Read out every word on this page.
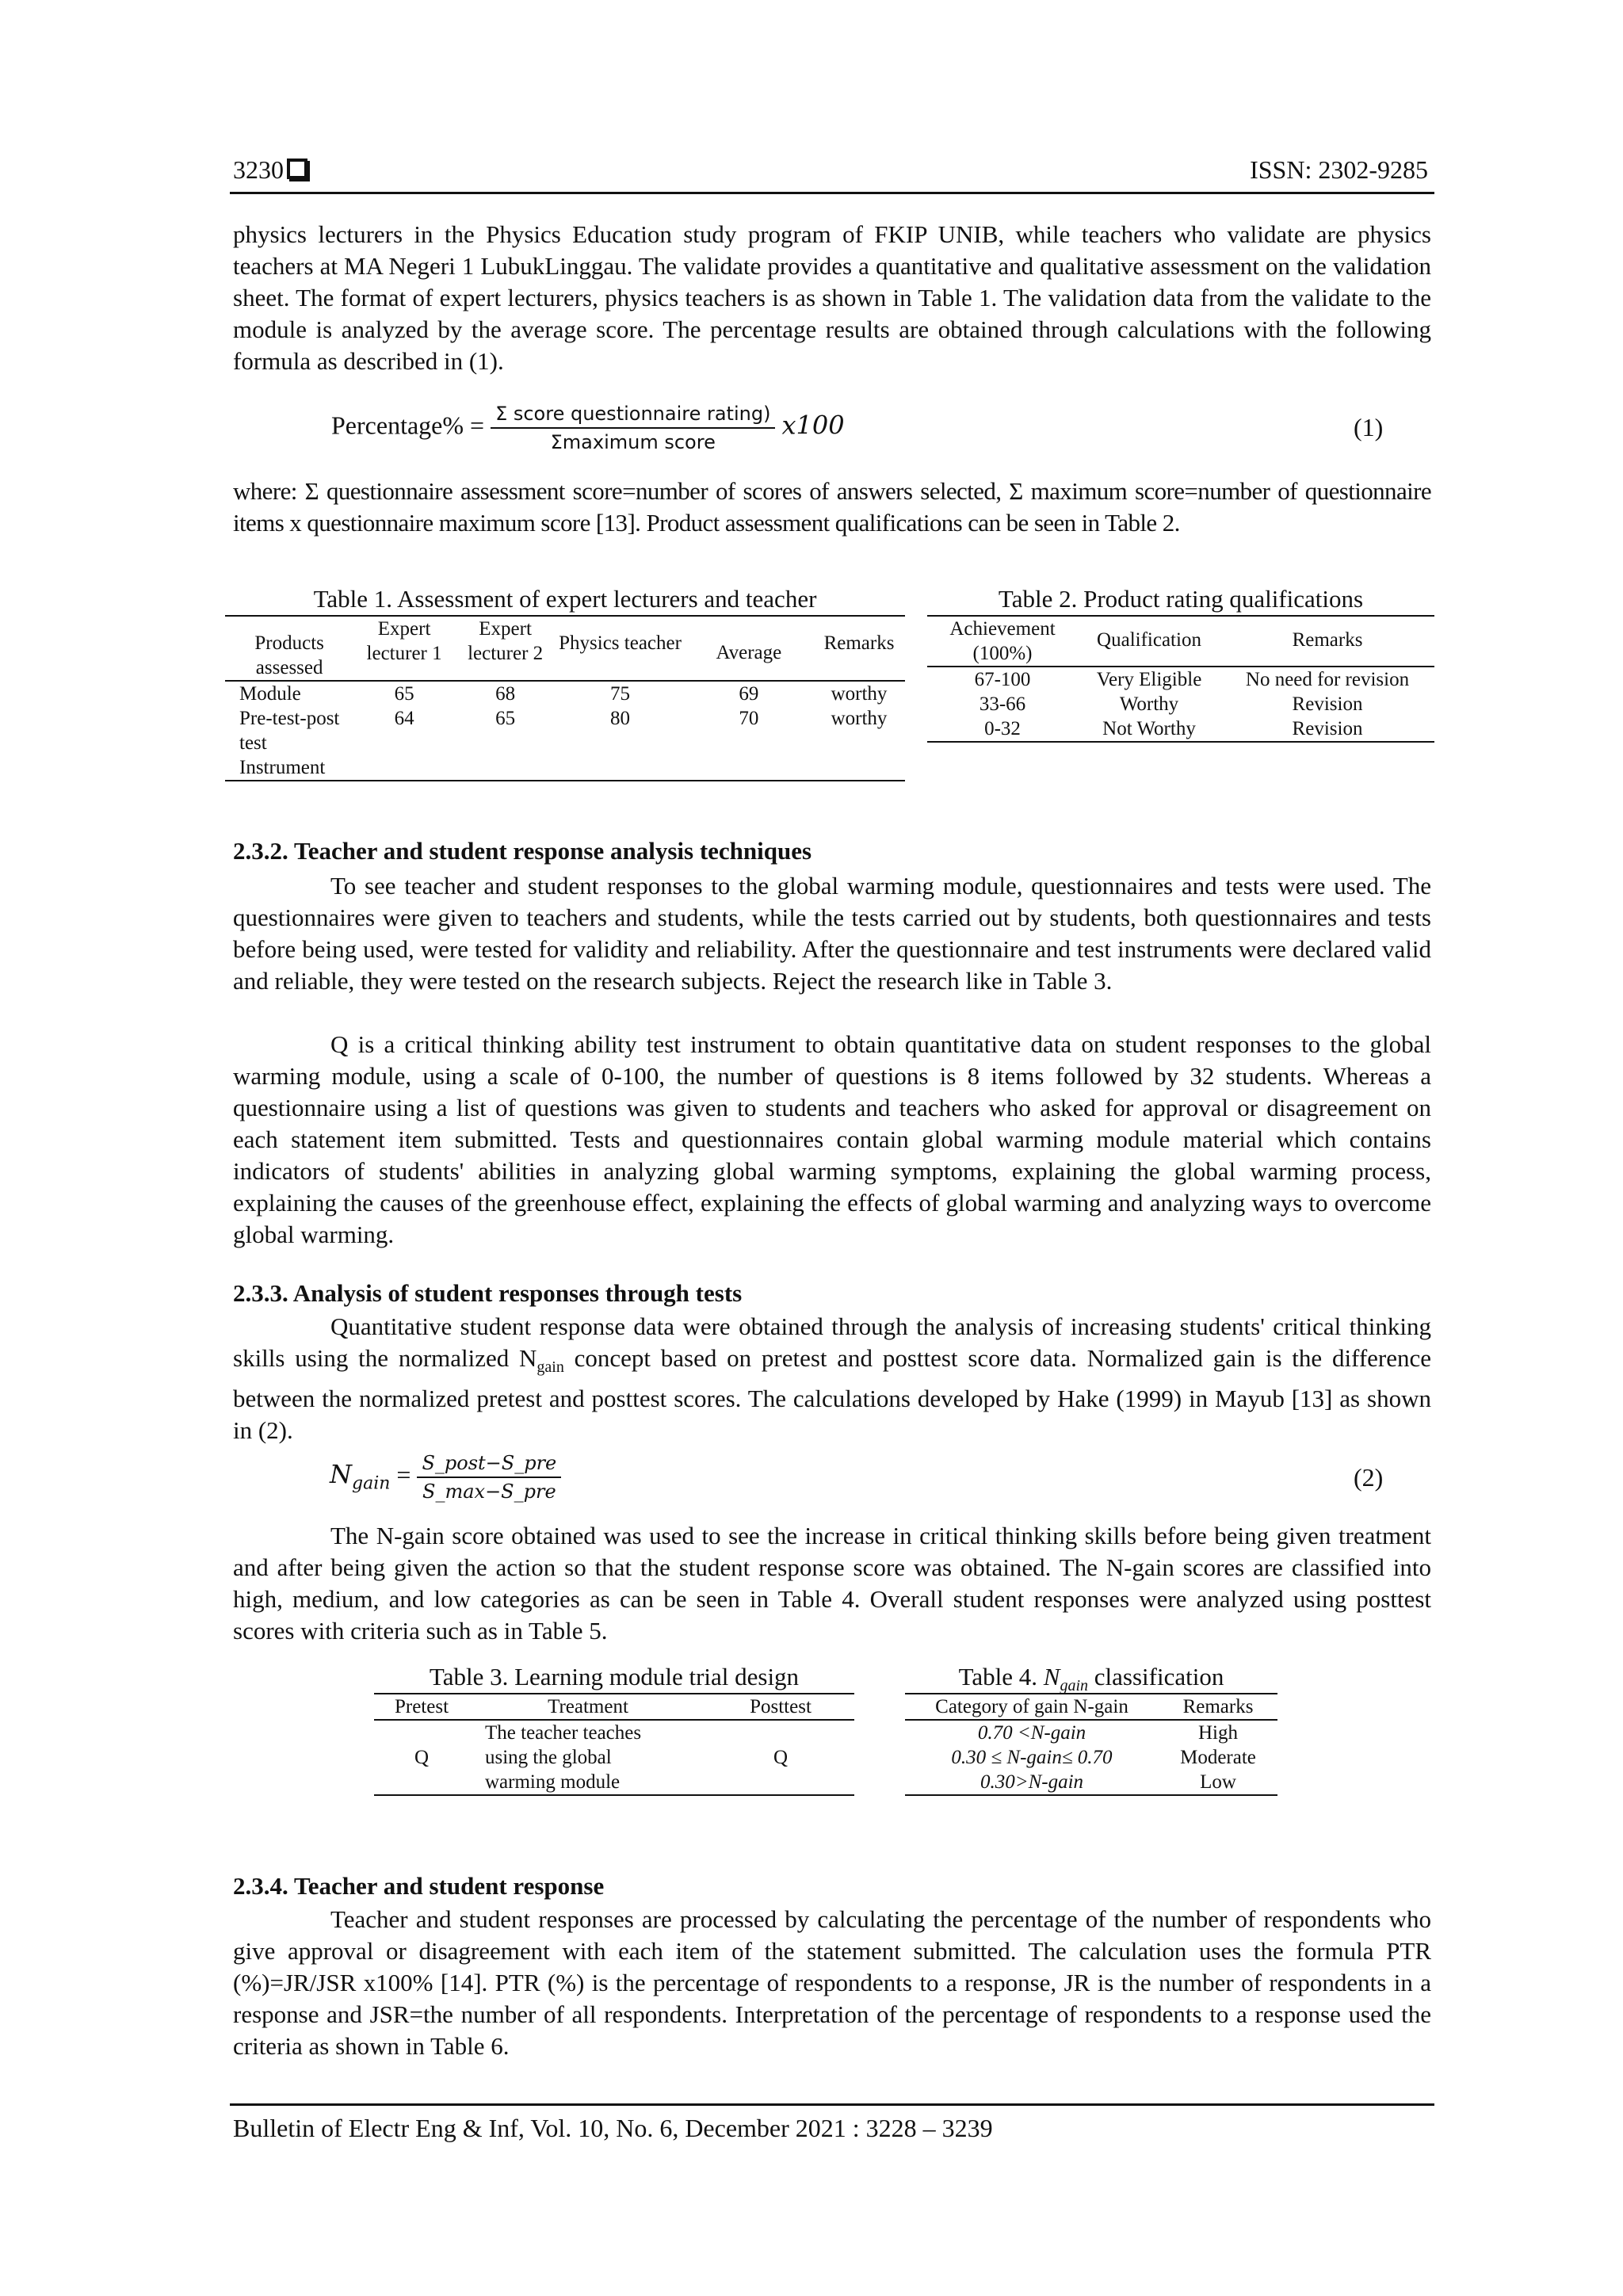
3230	ISSN: 2302-9285

physics lecturers in the Physics Education study program of FKIP UNIB, while teachers who validate are physics teachers at MA Negeri 1 LubukLinggau. The validate provides a quantitative and qualitative assessment on the validation sheet. The format of expert lecturers, physics teachers is as shown in Table 1. The validation data from the validate to the module is analyzed by the average score. The percentage results are obtained through calculations with the following formula as described in (1).

Percentage% = $\frac{\text{Σ score questionnaire rating)}}{\text{Σmaximum score}} x100$	(1)

where: Σ questionnaire assessment score=number of scores of answers selected, Σ maximum score=number of questionnaire items x questionnaire maximum score [13]. Product assessment qualifications can be seen in Table 2.

Table 1. Assessment of expert lecturers and teacher
Products assessed	Expert lecturer 1	Expert lecturer 2	Physics teacher	Average	Remarks
Module	65	68	75	69	worthy
Pre-test-post test Instrument	64	65	80	70	worthy
Table 2. Product rating qualifications
Achievement (100%)	Qualification	Remarks
67-100	Very Eligible	No need for revision
33-66	Worthy	Revision
0-32	Not Worthy	Revision
2.3.2. Teacher and student response analysis techniques

To see teacher and student responses to the global warming module, questionnaires and tests were used. The questionnaires were given to teachers and students, while the tests carried out by students, both questionnaires and tests before being used, were tested for validity and reliability. After the questionnaire and test instruments were declared valid and reliable, they were tested on the research subjects. Reject the research like in Table 3.

Q is a critical thinking ability test instrument to obtain quantitative data on student responses to the global warming module, using a scale of 0-100, the number of questions is 8 items followed by 32 students. Whereas a questionnaire using a list of questions was given to students and teachers who asked for approval or disagreement on each statement item submitted. Tests and questionnaires contain global warming module material which contains indicators of students' abilities in analyzing global warming symptoms, explaining the global warming process, explaining the causes of the greenhouse effect, explaining the effects of global warming and analyzing ways to overcome global warming.

2.3.3. Analysis of student responses through tests

Quantitative student response data were obtained through the analysis of increasing students' critical thinking skills using the normalized $N_{gain}$ concept based on pretest and posttest score data. Normalized gain is the difference between the normalized pretest and posttest scores. The calculations developed by Hake (1999) in Mayub [13] as shown in (2).

$N_{gain} = \frac{\text{S\_post−S\_pre}}{\text{S\_max−S\_pre}}$	(2)

The N-gain score obtained was used to see the increase in critical thinking skills before being given treatment and after being given the action so that the student response score was obtained. The N-gain scores are classified into high, medium, and low categories as can be seen in Table 4. Overall student responses were analyzed using posttest scores with criteria such as in Table 5.

Table 3. Learning module trial design
Pretest	Treatment	Posttest
Q	The teacher teaches using the global warming module	Q
Table 4. $N_{gain}$ classification
Category of gain N-gain	Remarks
0.70 <N-gain	High
0.30 ≤ N-gain≤ 0.70	Moderate
0.30>N-gain	Low
2.3.4. Teacher and student response

Teacher and student responses are processed by calculating the percentage of the number of respondents who give approval or disagreement with each item of the statement submitted. The calculation uses the formula PTR (%)=JR/JSR x100% [14]. PTR (%) is the percentage of respondents to a response, JR is the number of respondents in a response and JSR=the number of all respondents. Interpretation of the percentage of respondents to a response used the criteria as shown in Table 6.

Bulletin of Electr Eng & Inf, Vol. 10, No. 6, December 2021 : 3228 – 3239
